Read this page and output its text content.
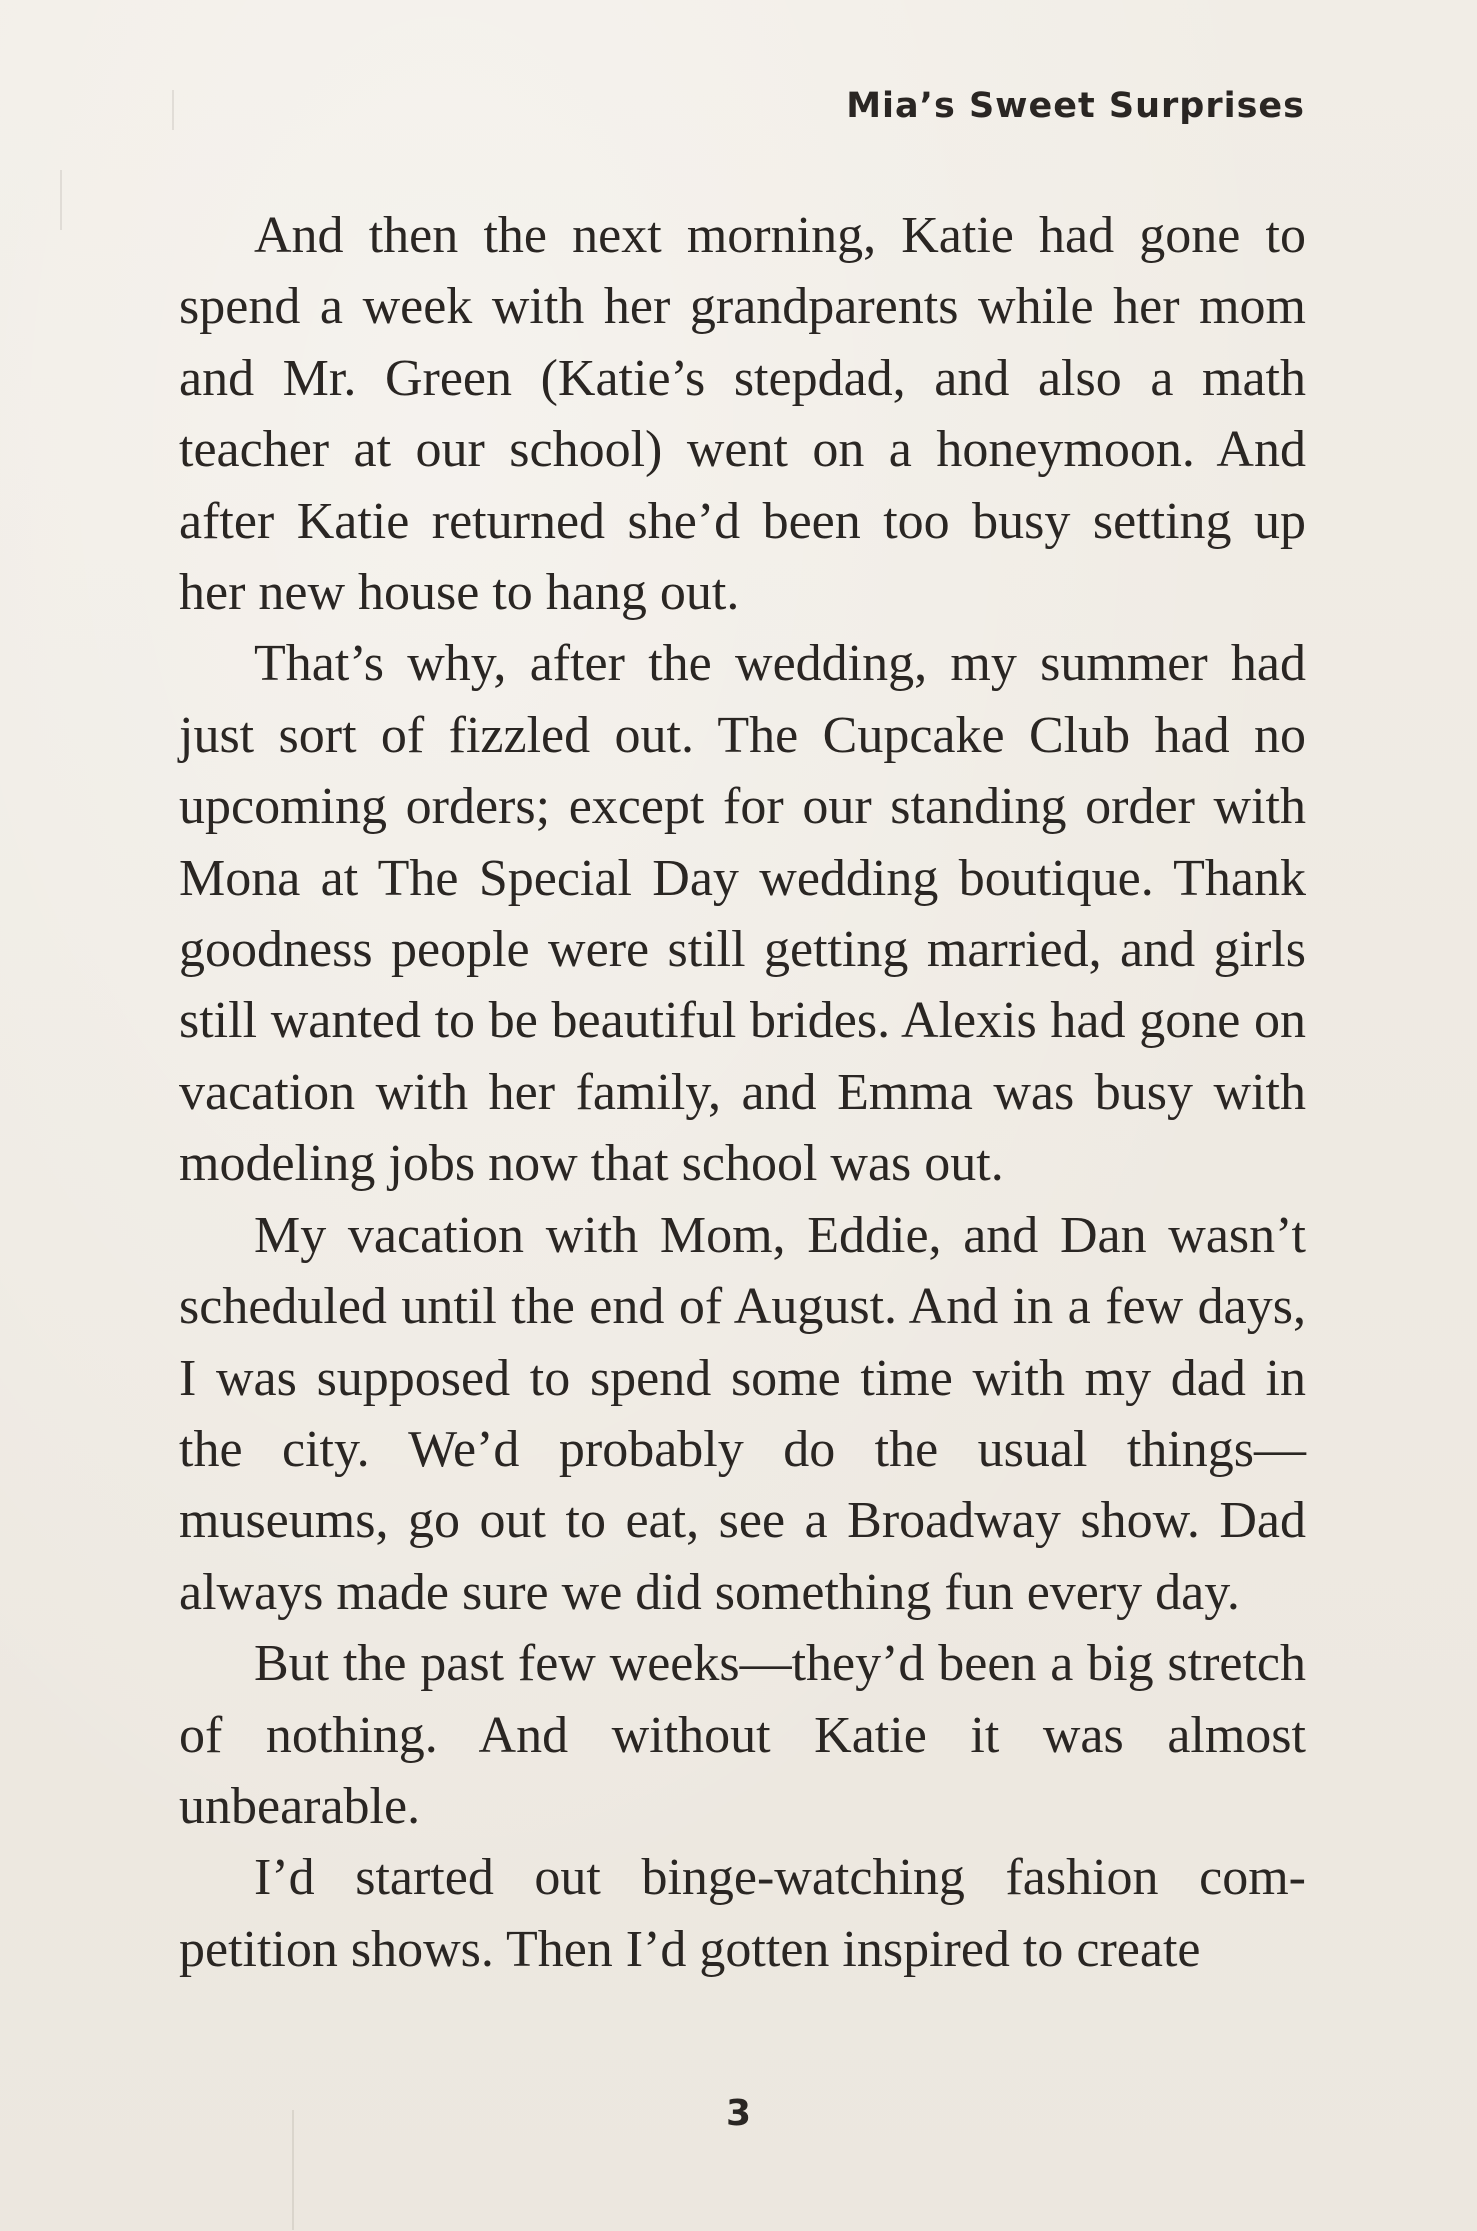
Mia’s Sweet Surprises

And then the next morning, Katie had gone to spend a week with her grandparents while her mom and Mr. Green (Katie’s stepdad, and also a math teacher at our school) went on a honeymoon. And after Katie returned she’d been too busy setting up her new house to hang out.

That’s why, after the wedding, my summer had just sort of fizzled out. The Cupcake Club had no upcoming orders; except for our standing order with Mona at The Special Day wedding boutique. Thank goodness people were still getting married, and girls still wanted to be beautiful brides. Alexis had gone on vacation with her family, and Emma was busy with modeling jobs now that school was out.

My vacation with Mom, Eddie, and Dan wasn’t scheduled until the end of August. And in a few days, I was supposed to spend some time with my dad in the city. We’d probably do the usual things—museums, go out to eat, see a Broadway show. Dad always made sure we did something fun every day.

But the past few weeks—they’d been a big stretch of nothing. And without Katie it was almost unbearable.

I’d started out binge-watching fashion competition shows. Then I’d gotten inspired to create

3
